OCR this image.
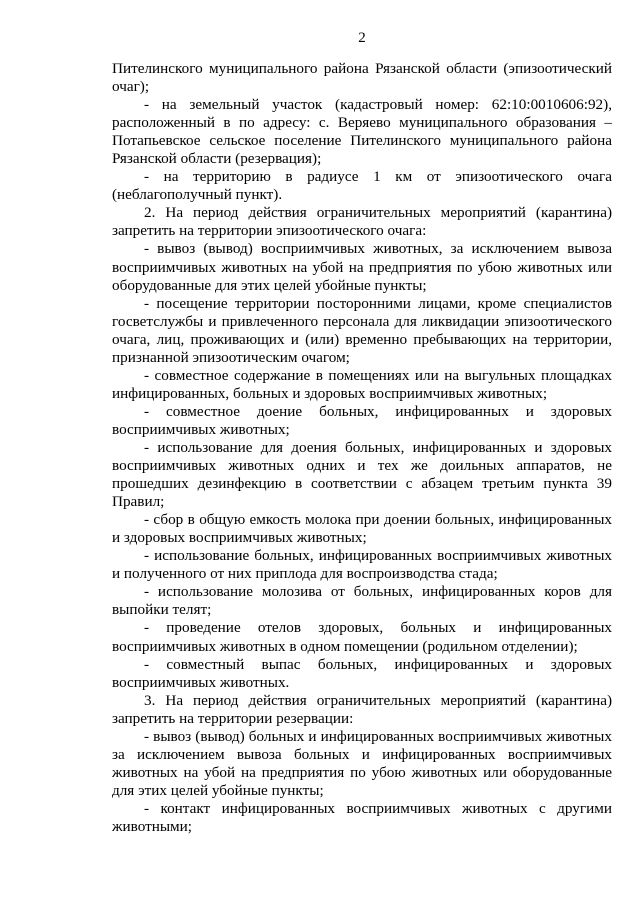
2

Пителинского муниципального района Рязанской области (эпизоотический очаг);

- на земельный участок (кадастровый номер: 62:10:0010606:92), расположенный в по адресу: с. Веряево муниципального образования – Потапьевское сельское поселение Пителинского муниципального района Рязанской области (резервация);

- на территорию в радиусе 1 км от эпизоотического очага (неблагополучный пункт).

2. На период действия ограничительных мероприятий (карантина) запретить на территории эпизоотического очага:

- вывоз (вывод) восприимчивых животных, за исключением вывоза восприимчивых животных на убой на предприятия по убою животных или оборудованные для этих целей убойные пункты;

- посещение территории посторонними лицами, кроме специалистов госветслужбы и привлеченного персонала для ликвидации эпизоотического очага, лиц, проживающих и (или) временно пребывающих на территории, признанной эпизоотическим очагом;

- совместное содержание в помещениях или на выгульных площадках инфицированных, больных и здоровых восприимчивых животных;

- совместное доение больных, инфицированных и здоровых восприимчивых животных;

- использование для доения больных, инфицированных и здоровых восприимчивых животных одних и тех же доильных аппаратов, не прошедших дезинфекцию в соответствии с абзацем третьим пункта 39 Правил;

- сбор в общую емкость молока при доении больных, инфицированных и здоровых восприимчивых животных;

- использование больных, инфицированных восприимчивых животных и полученного от них приплода для воспроизводства стада;

- использование молозива от больных, инфицированных коров для выпойки телят;

- проведение отелов здоровых, больных и инфицированных восприимчивых животных в одном помещении (родильном отделении);

- совместный выпас больных, инфицированных и здоровых восприимчивых животных.

3. На период действия ограничительных мероприятий (карантина) запретить на территории резервации:

- вывоз (вывод) больных и инфицированных восприимчивых животных за исключением вывоза больных и инфицированных восприимчивых животных на убой на предприятия по убою животных или оборудованные для этих целей убойные пункты;

- контакт инфицированных восприимчивых животных с другими животными;
